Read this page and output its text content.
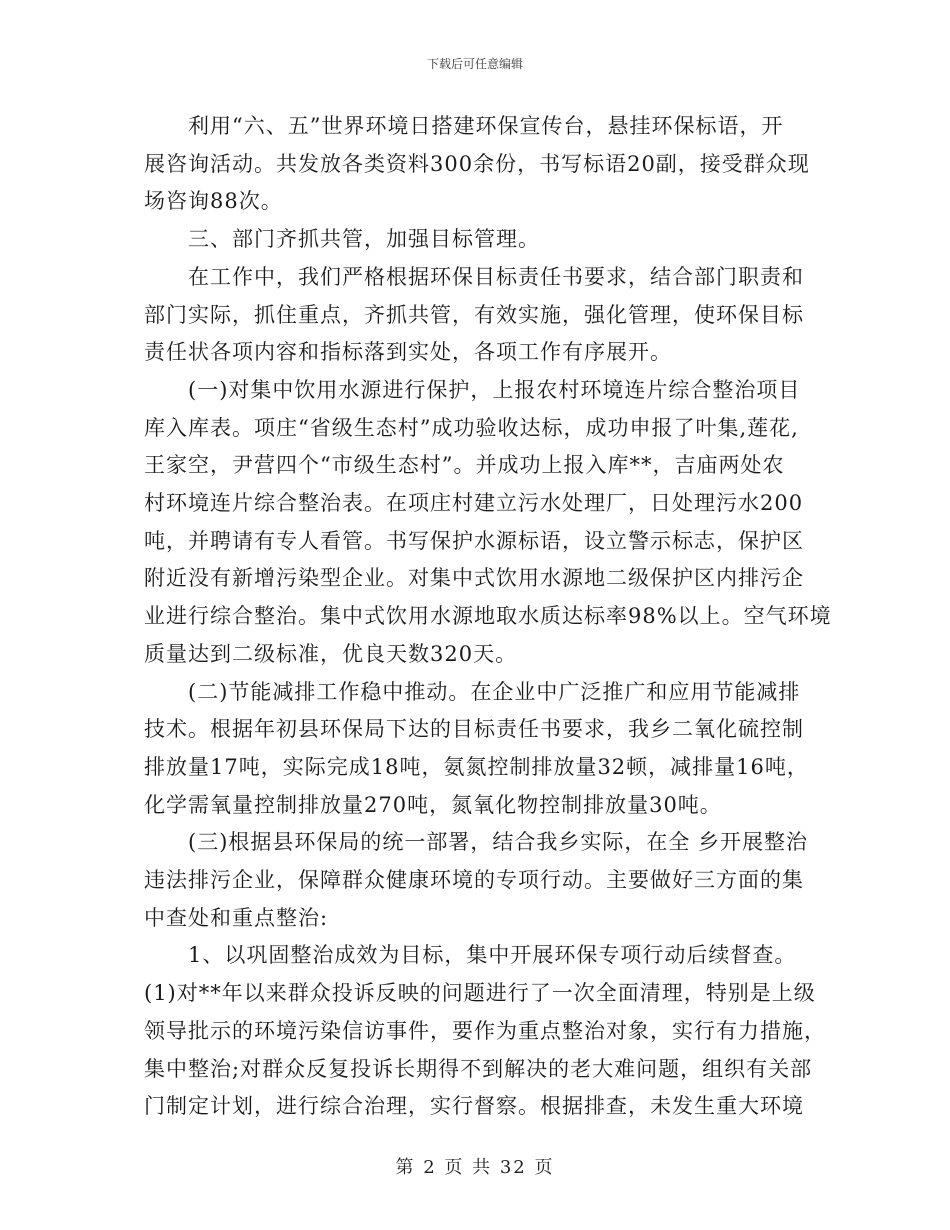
下载后可任意编辑
利用“六、五”世界环境日搭建环保宣传台，悬挂环保标语，开
展咨询活动。共发放各类资料300余份，书写标语20副，接受群众现
场咨询88次。
三、部门齐抓共管，加强目标管理。
在工作中，我们严格根据环保目标责任书要求，结合部门职责和
部门实际，抓住重点，齐抓共管，有效实施，强化管理，使环保目标
责任状各项内容和指标落到实处，各项工作有序展开。
(一)对集中饮用水源进行保护，上报农村环境连片综合整治项目
库入库表。项庄“省级生态村”成功验收达标，成功申报了叶集,莲花,
王家空，尹营四个“市级生态村”。并成功上报入库**，吉庙两处农
村环境连片综合整治表。在项庄村建立污水处理厂，日处理污水200
吨，并聘请有专人看管。书写保护水源标语，设立警示标志，保护区
附近没有新增污染型企业。对集中式饮用水源地二级保护区内排污企
业进行综合整治。集中式饮用水源地取水质达标率98%以上。空气环境
质量达到二级标准，优良天数320天。
(二)节能减排工作稳中推动。在企业中广泛推广和应用节能减排
技术。根据年初县环保局下达的目标责任书要求，我乡二氧化硫控制
排放量17吨，实际完成18吨，氨氮控制排放量32顿，减排量16吨，
化学需氧量控制排放量270吨，氮氧化物控制排放量30吨。
(三)根据县环保局的统一部署，结合我乡实际，在全 乡开展整治
违法排污企业，保障群众健康环境的专项行动。主要做好三方面的集
中查处和重点整治:
1、以巩固整治成效为目标，集中开展环保专项行动后续督查。
(1)对**年以来群众投诉反映的问题进行了一次全面清理，特别是上级
领导批示的环境污染信访事件，要作为重点整治对象，实行有力措施，
集中整治;对群众反复投诉长期得不到解决的老大难问题，组织有关部
门制定计划，进行综合治理，实行督察。根据排查，未发生重大环境
第 2 页 共 32 页
